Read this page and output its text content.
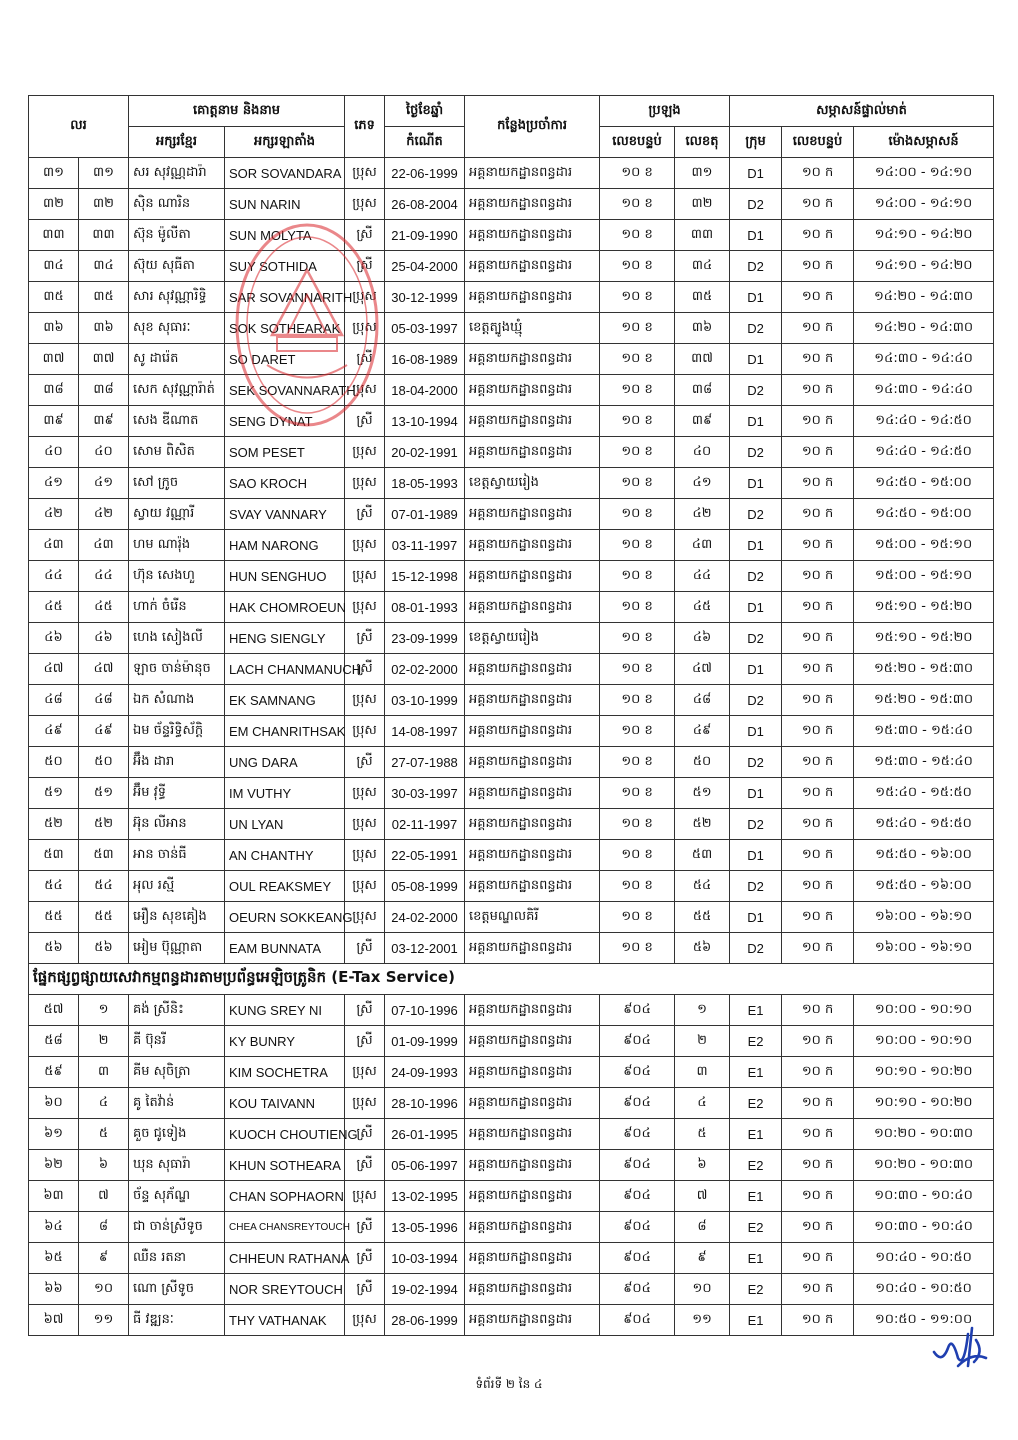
លរ		គោត្តនាម និងនាម		ភេទ	ថ្ងៃខែឆ្នាំ	កន្លែងប្រចាំការ	ប្រឡង		សម្ភាសន៍ផ្ទាល់មាត់		
		អក្សរខ្មែរ	អក្សរឡាតាំង		កំណើត		លេខបន្ទប់	លេខតុ	ក្រុម	លេខបន្ទប់	ម៉ោងសម្ភាសន៍
៣១	៣១	សរ សុវណ្ណដារ៉ា	SOR SOVANDARA	ប្រុស	22-06-1999	អគ្គនាយកដ្ឋានពន្ធដារ	១០ ខ	៣១	D1	១០ ក	១៤:០០ - ១៤:១០
៣២	៣២	ស៊ិន ណារិន	SUN NARIN	ប្រុស	26-08-2004	អគ្គនាយកដ្ឋានពន្ធដារ	១០ ខ	៣២	D2	១០ ក	១៤:០០ - ១៤:១០
៣៣	៣៣	ស៊ុន ម៉ូលីតា	SUN MOLYTA	ស្រី	21-09-1990	អគ្គនាយកដ្ឋានពន្ធដារ	១០ ខ	៣៣	D1	១០ ក	១៤:១០ - ១៤:២០
៣៤	៣៤	ស៊ុយ សុធីតា	SUY SOTHIDA	ស្រី	25-04-2000	អគ្គនាយកដ្ឋានពន្ធដារ	១០ ខ	៣៤	D2	១០ ក	១៤:១០ - ១៤:២០
៣៥	៣៥	សារ សុវណ្ណារិទ្ធិ	SAR SOVANNARITH	ប្រុស	30-12-1999	អគ្គនាយកដ្ឋានពន្ធដារ	១០ ខ	៣៥	D1	១០ ក	១៤:២០ - ១៤:៣០
៣៦	៣៦	សុខ សុធារៈ	SOK SOTHEARAK	ប្រុស	05-03-1997	ខេត្តត្បូងឃ្មុំ	១០ ខ	៣៦	D2	១០ ក	១៤:២០ - ១៤:៣០
៣៧	៣៧	សូ ដារ៉េត	SO DARET	ស្រី	16-08-1989	អគ្គនាយកដ្ឋានពន្ធដារ	១០ ខ	៣៧	D1	១០ ក	១៤:៣០ - ១៤:៤០
៣៨	៣៨	សេក សុវណ្ណារ៉ាត់	SEK SOVANNARATH	ប្រុស	18-04-2000	អគ្គនាយកដ្ឋានពន្ធដារ	១០ ខ	៣៨	D2	១០ ក	១៤:៣០ - ១៤:៤០
៣៩	៣៩	សេង ឌីណាត	SENG DYNAT	ស្រី	13-10-1994	អគ្គនាយកដ្ឋានពន្ធដារ	១០ ខ	៣៩	D1	១០ ក	១៤:៤០ - ១៤:៥០
៤០	៤០	សោម ពិសិត	SOM PESET	ប្រុស	20-02-1991	អគ្គនាយកដ្ឋានពន្ធដារ	១០ ខ	៤០	D2	១០ ក	១៤:៤០ - ១៤:៥០
៤១	៤១	សៅ ក្រូច	SAO KROCH	ប្រុស	18-05-1993	ខេត្តស្វាយរៀង	១០ ខ	៤១	D1	១០ ក	១៤:៥០ - ១៥:០០
៤២	៤២	ស្វាយ វណ្ណារី	SVAY VANNARY	ស្រី	07-01-1989	អគ្គនាយកដ្ឋានពន្ធដារ	១០ ខ	៤២	D2	១០ ក	១៤:៥០ - ១៥:០០
៤៣	៤៣	ហម ណារ៉ុង	HAM NARONG	ប្រុស	03-11-1997	អគ្គនាយកដ្ឋានពន្ធដារ	១០ ខ	៤៣	D1	១០ ក	១៥:០០ - ១៥:១០
៤៤	៤៤	ហ៊ុន សេងហួ	HUN SENGHUO	ប្រុស	15-12-1998	អគ្គនាយកដ្ឋានពន្ធដារ	១០ ខ	៤៤	D2	១០ ក	១៥:០០ - ១៥:១០
៤៥	៤៥	ហាក់ ចំរើន	HAK CHOMROEUN	ប្រុស	08-01-1993	អគ្គនាយកដ្ឋានពន្ធដារ	១០ ខ	៤៥	D1	១០ ក	១៥:១០ - ១៥:២០
៤៦	៤៦	ហេង សៀងលី	HENG SIENGLY	ស្រី	23-09-1999	ខេត្តស្វាយរៀង	១០ ខ	៤៦	D2	១០ ក	១៥:១០ - ១៥:២០
៤៧	៤៧	ឡាច ចាន់ម៉ានុច	LACH CHANMANUCH	ស្រី	02-02-2000	អគ្គនាយកដ្ឋានពន្ធដារ	១០ ខ	៤៧	D1	១០ ក	១៥:២០ - ១៥:៣០
៤៨	៤៨	ឯក សំណាង	EK SAMNANG	ប្រុស	03-10-1999	អគ្គនាយកដ្ឋានពន្ធដារ	១០ ខ	៤៨	D2	១០ ក	១៥:២០ - ១៥:៣០
៤៩	៤៩	ឯម ច័ន្ទរិទ្ធិស័ក្តិ	EM CHANRITHSAK	ប្រុស	14-08-1997	អគ្គនាយកដ្ឋានពន្ធដារ	១០ ខ	៤៩	D1	១០ ក	១៥:៣០ - ១៥:៤០
៥០	៥០	អ៊ឹង ដារា	UNG DARA	ស្រី	27-07-1988	អគ្គនាយកដ្ឋានពន្ធដារ	១០ ខ	៥០	D2	១០ ក	១៥:៣០ - ១៥:៤០
៥១	៥១	អ៊ឹម វុទ្ធី	IM VUTHY	ប្រុស	30-03-1997	អគ្គនាយកដ្ឋានពន្ធដារ	១០ ខ	៥១	D1	១០ ក	១៥:៤០ - ១៥:៥០
៥២	៥២	អ៊ុន លីអាន	UN LYAN	ប្រុស	02-11-1997	អគ្គនាយកដ្ឋានពន្ធដារ	១០ ខ	៥២	D2	១០ ក	១៥:៤០ - ១៥:៥០
៥៣	៥៣	អាន ចាន់ធី	AN CHANTHY	ប្រុស	22-05-1991	អគ្គនាយកដ្ឋានពន្ធដារ	១០ ខ	៥៣	D1	១០ ក	១៥:៥០ - ១៦:០០
៥៤	៥៤	អុល រស្មី	OUL REAKSMEY	ប្រុស	05-08-1999	អគ្គនាយកដ្ឋានពន្ធដារ	១០ ខ	៥៤	D2	១០ ក	១៥:៥០ - ១៦:០០
៥៥	៥៥	អឿន សុខគៀង	OEURN SOKKEANG	ប្រុស	24-02-2000	ខេត្តមណ្ឌលគិរី	១០ ខ	៥៥	D1	១០ ក	១៦:០០ - ១៦:១០
៥៦	៥៦	អៀម ប៊ុណ្ណាតា	EAM BUNNATA	ស្រី	03-12-2001	អគ្គនាយកដ្ឋានពន្ធដារ	១០ ខ	៥៦	D2	១០ ក	១៦:០០ - ១៦:១០
ផ្នែកផ្សព្វផ្សាយសេវាកម្មពន្ធដារតាមប្រព័ន្ធអេឡិចត្រូនិក (E-Tax Service)											
៥៧	១	គង់ ស្រីនិះ	KUNG SREY NI	ស្រី	07-10-1996	អគ្គនាយកដ្ឋានពន្ធដារ	៩០៤	១	E1	១០ ក	១០:០០ - ១០:១០
៥៨	២	គី ប៊ុនរី	KY BUNRY	ស្រី	01-09-1999	អគ្គនាយកដ្ឋានពន្ធដារ	៩០៤	២	E2	១០ ក	១០:០០ - ១០:១០
៥៩	៣	គីម សុចិត្រា	KIM SOCHETRA	ប្រុស	24-09-1993	អគ្គនាយកដ្ឋានពន្ធដារ	៩០៤	៣	E1	១០ ក	១០:១០ - ១០:២០
៦០	៤	គូ តៃវ៉ាន់	KOU TAIVANN	ប្រុស	28-10-1996	អគ្គនាយកដ្ឋានពន្ធដារ	៩០៤	៤	E2	១០ ក	១០:១០ - ១០:២០
៦១	៥	គួច ជូទៀង	KUOCH CHOUTIENG	ស្រី	26-01-1995	អគ្គនាយកដ្ឋានពន្ធដារ	៩០៤	៥	E1	១០ ក	១០:២០ - ១០:៣០
៦២	៦	ឃុន សុធារ៉ា	KHUN SOTHEARA	ស្រី	05-06-1997	អគ្គនាយកដ្ឋានពន្ធដារ	៩០៤	៦	E2	១០ ក	១០:២០ - ១០:៣០
៦៣	៧	ច័ន្ទ សុភ័ណ្ឌ	CHAN SOPHAORN	ប្រុស	13-02-1995	អគ្គនាយកដ្ឋានពន្ធដារ	៩០៤	៧	E1	១០ ក	១០:៣០ - ១០:៤០
៦៤	៨	ជា ចាន់ស្រីទូច	CHEA CHANSREYTOUCH	ស្រី	13-05-1996	អគ្គនាយកដ្ឋានពន្ធដារ	៩០៤	៨	E2	១០ ក	១០:៣០ - ១០:៤០
៦៥	៩	ឈឺន រតនា	CHHEUN RATHANA	ស្រី	10-03-1994	អគ្គនាយកដ្ឋានពន្ធដារ	៩០៤	៩	E1	១០ ក	១០:៤០ - ១០:៥០
៦៦	១០	ណោ ស្រីទូច	NOR SREYTOUCH	ស្រី	19-02-1994	អគ្គនាយកដ្ឋានពន្ធដារ	៩០៤	១០	E2	១០ ក	១០:៤០ - ១០:៥០
៦៧	១១	ធី វឌ្ឍនៈ	THY VATHANAK	ប្រុស	28-06-1999	អគ្គនាយកដ្ឋានពន្ធដារ	៩០៤	១១	E1	១០ ក	១០:៥០ - ១១:០០
ទំព័រទី ២ នៃ ៤
